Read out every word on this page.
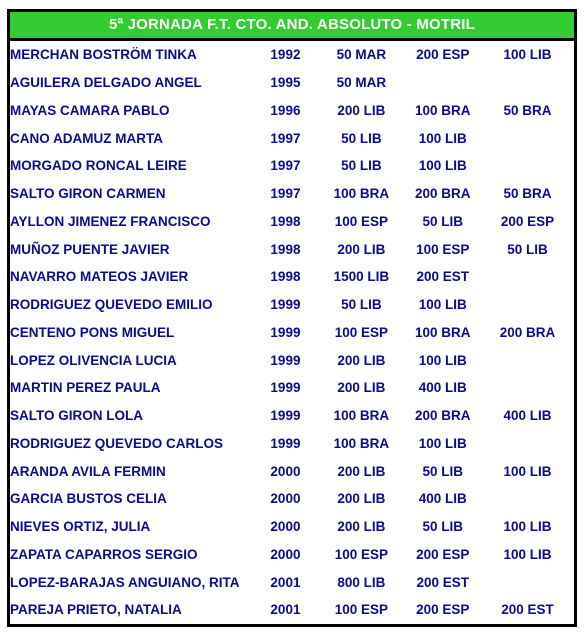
5ª JORNADA F.T. CTO. AND. ABSOLUTO - MOTRIL
MERCHAN BOSTRÖM TINKA	1992	50 MAR	200 ESP	100 LIB
AGUILERA DELGADO ANGEL	1995	50 MAR		
MAYAS CAMARA PABLO	1996	200 LIB	100 BRA	50 BRA
CANO ADAMUZ MARTA	1997	50 LIB	100 LIB	
MORGADO RONCAL LEIRE	1997	50 LIB	100 LIB	
SALTO GIRON CARMEN	1997	100 BRA	200 BRA	50 BRA
AYLLON JIMENEZ FRANCISCO	1998	100 ESP	50 LIB	200 ESP
MUÑOZ PUENTE JAVIER	1998	200 LIB	100 ESP	50 LIB
NAVARRO MATEOS JAVIER	1998	1500 LIB	200 EST	
RODRIGUEZ QUEVEDO EMILIO	1999	50 LIB	100 LIB	
CENTENO PONS MIGUEL	1999	100 ESP	100 BRA	200 BRA
LOPEZ OLIVENCIA LUCIA	1999	200 LIB	100 LIB	
MARTIN PEREZ PAULA	1999	200 LIB	400 LIB	
SALTO GIRON LOLA	1999	100 BRA	200 BRA	400 LIB
RODRIGUEZ QUEVEDO CARLOS	1999	100 BRA	100 LIB	
ARANDA AVILA FERMIN	2000	200 LIB	50 LIB	100 LIB
GARCIA BUSTOS CELIA	2000	200 LIB	400 LIB	
NIEVES ORTIZ, JULIA	2000	200 LIB	50 LIB	100 LIB
ZAPATA CAPARROS SERGIO	2000	100 ESP	200 ESP	100 LIB
LOPEZ-BARAJAS ANGUIANO, RITA	2001	800 LIB	200 EST	
PAREJA PRIETO, NATALIA	2001	100 ESP	200 ESP	200 EST
